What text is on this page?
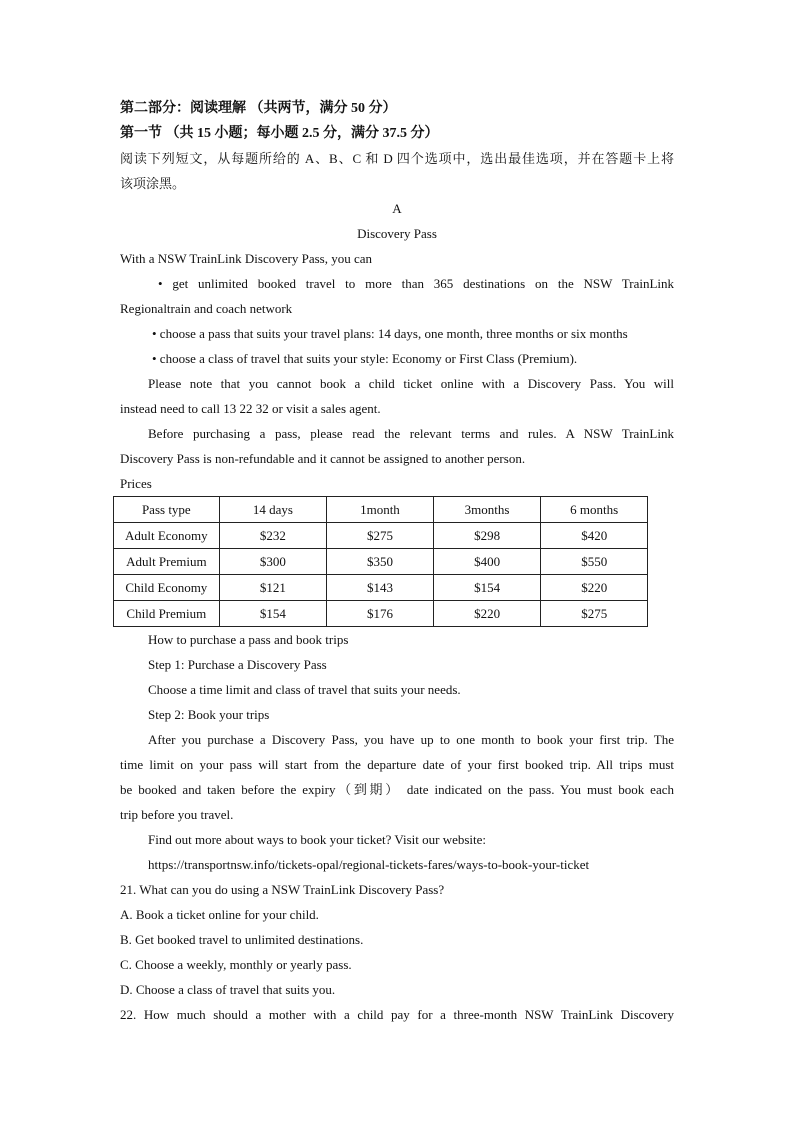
第二部分：阅读理解 （共两节，满分 50 分）
第一节 （共 15 小题；每小题 2.5 分，满分 37.5 分）
阅读下列短文，从每题所给的 A、B、C 和 D 四个选项中，选出最佳选项，并在答题卡上将
该项涂黑。
A
Discovery Pass
With a NSW TrainLink Discovery Pass, you can
• get unlimited booked travel to more than 365 destinations on the NSW TrainLink
Regionaltrain and coach network
• choose a pass that suits your travel plans: 14 days, one month, three months or six months
• choose a class of travel that suits your style: Economy or First Class (Premium).
Please note that you cannot book a child ticket online with a Discovery Pass. You will
instead need to call 13 22 32 or visit a sales agent.
Before purchasing a pass, please read the relevant terms and rules. A NSW TrainLink
Discovery Pass is non-refundable and it cannot be assigned to another person.
Prices
Pass type	14 days	1month	3months	6 months
Adult Economy	$232	$275	$298	$420
Adult Premium	$300	$350	$400	$550
Child Economy	$121	$143	$154	$220
Child Premium	$154	$176	$220	$275
How to purchase a pass and book trips
Step 1: Purchase a Discovery Pass
Choose a time limit and class of travel that suits your needs.
Step 2: Book your trips
After you purchase a Discovery Pass, you have up to one month to book your first trip. The
time limit on your pass will start from the departure date of your first booked trip. All trips must
be booked and taken before the expiry（到期） date indicated on the pass. You must book each
trip before you travel.
Find out more about ways to book your ticket? Visit our website:
https://transportnsw.info/tickets-opal/regional-tickets-fares/ways-to-book-your-ticket
21. What can you do using a NSW TrainLink Discovery Pass?
A. Book a ticket online for your child.
B. Get booked travel to unlimited destinations.
C. Choose a weekly, monthly or yearly pass.
D. Choose a class of travel that suits you.
22. How much should a mother with a child pay for a three-month NSW TrainLink Discovery
